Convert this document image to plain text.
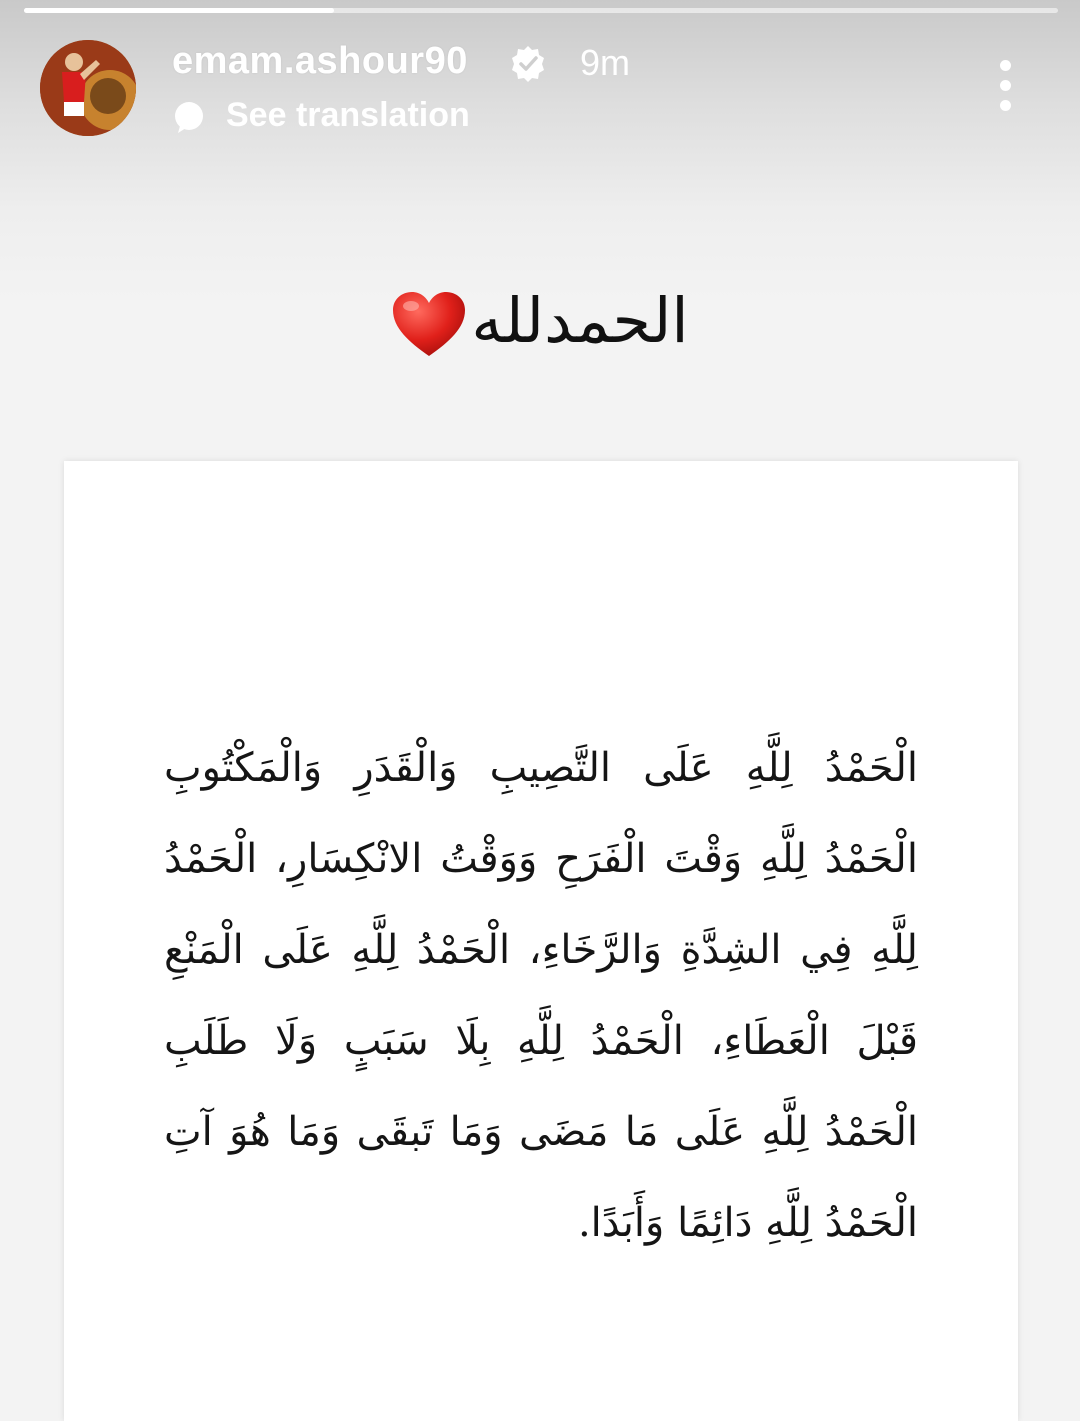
emam.ashour90	9m
See translation
الحمدلله
الْحَمْدُ لِلَّهِ عَلَى التَّصِيبِ وَالْقَدَرِ وَالْمَكْتُوبِ الْحَمْدُ لِلَّهِ وَقْتَ الْفَرَحِ وَوَقْتُ الانْكِسَارِ، الْحَمْدُ لِلَّهِ فِي الشِدَّةِ وَالرَّخَاءِ، الْحَمْدُ لِلَّهِ عَلَى الْمَنْعِ قَبْلَ الْعَطَاءِ، الْحَمْدُ لِلَّهِ بِلَا سَبَبٍ وَلَا طَلَبِ الْحَمْدُ لِلَّهِ عَلَى مَا مَضَى وَمَا تَبقَى وَمَا هُوَ آتِ الْحَمْدُ لِلَّهِ دَائِمًا وَأَبَدًا.
